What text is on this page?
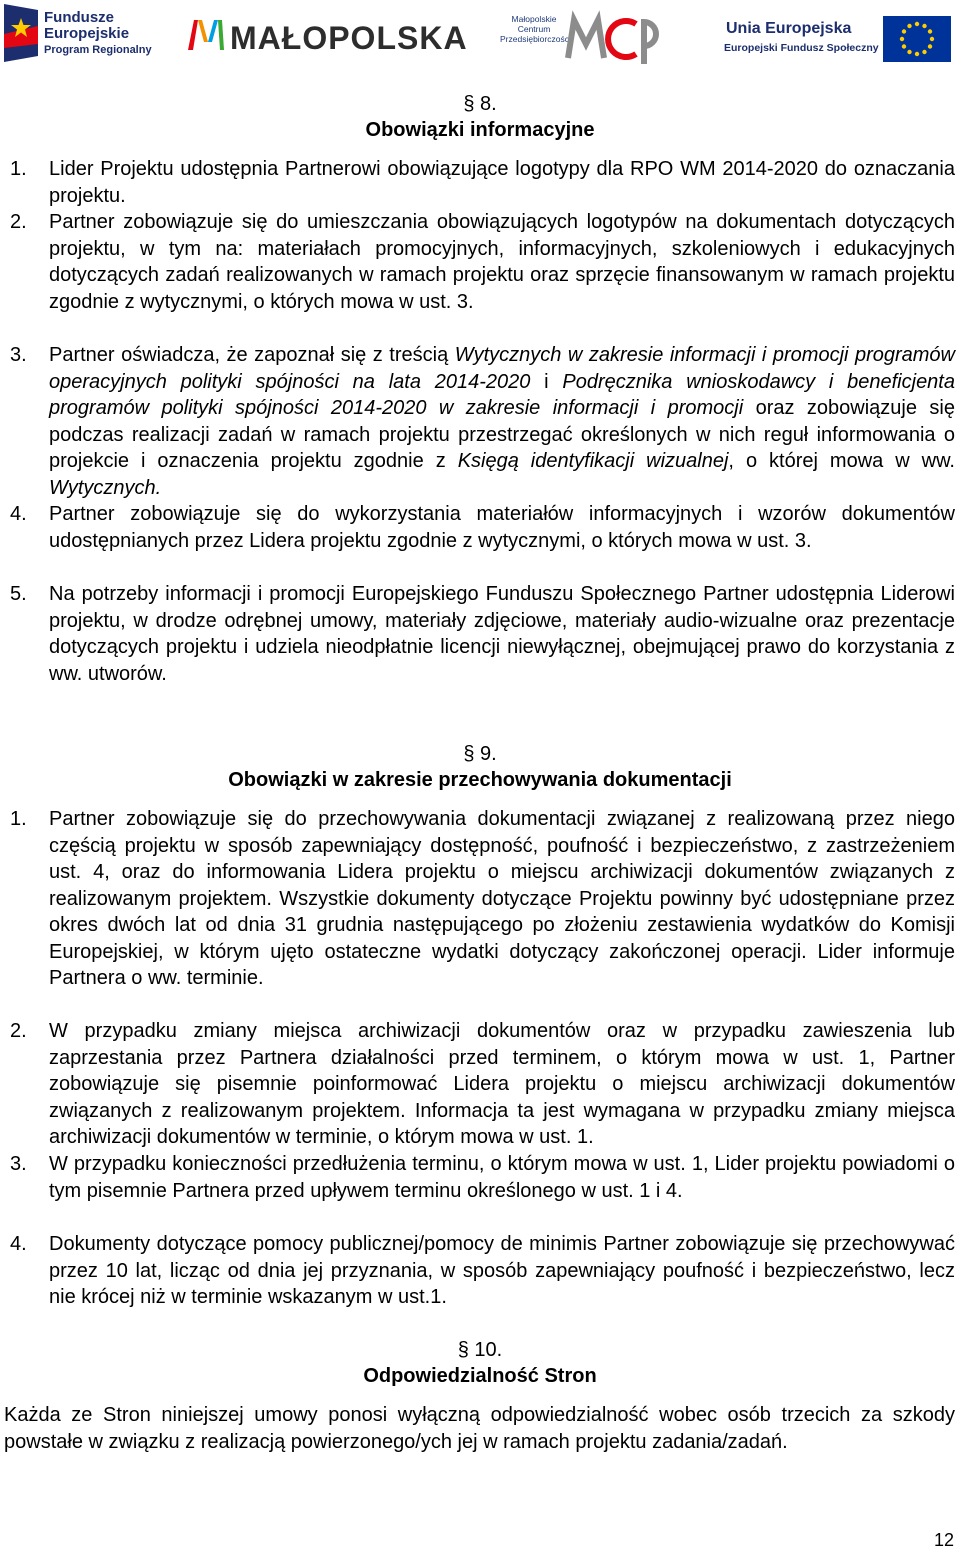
Fundusze
Europejskie
Program Regionalny MAŁOPOLSKA
Małopolskie Centrum Przedsiębiorczości
Unia Europejska
Europejski Fundusz Społeczny
§ 8.
Obowiązki informacyjne
1. Lider Projektu udostępnia Partnerowi obowiązujące logotypy dla RPO WM 2014-2020 do oznaczania projektu.
2. Partner zobowiązuje się do umieszczania obowiązujących logotypów na dokumentach dotyczących projektu, w tym na: materiałach promocyjnych, informacyjnych, szkoleniowych i edukacyjnych dotyczących zadań realizowanych w ramach projektu oraz sprzęcie finansowanym w ramach projektu zgodnie z wytycznymi, o których mowa w ust. 3.
3. Partner oświadcza, że zapoznał się z treścią Wytycznych w zakresie informacji i promocji programów operacyjnych polityki spójności na lata 2014-2020 i Podręcznika wnioskodawcy i beneficjenta programów polityki spójności 2014-2020 w zakresie informacji i promocji oraz zobowiązuje się podczas realizacji zadań w ramach projektu przestrzegać określonych w nich reguł informowania o projekcie i oznaczenia projektu zgodnie z Księgą identyfikacji wizualnej, o której mowa w ww. Wytycznych.
4. Partner zobowiązuje się do wykorzystania materiałów informacyjnych i wzorów dokumentów udostępnianych przez Lidera projektu zgodnie z wytycznymi, o których mowa w ust. 3.
5. Na potrzeby informacji i promocji Europejskiego Funduszu Społecznego Partner udostępnia Liderowi projektu, w drodze odrębnej umowy, materiały zdjęciowe, materiały audio-wizualne oraz prezentacje dotyczących projektu i udziela nieodpłatnie licencji niewyłącznej, obejmującej prawo do korzystania z ww. utworów.
§ 9.
Obowiązki w zakresie przechowywania dokumentacji
1. Partner zobowiązuje się do przechowywania dokumentacji związanej z realizowaną przez niego częścią projektu w sposób zapewniający dostępność, poufność i bezpieczeństwo, z zastrzeżeniem ust. 4, oraz do informowania Lidera projektu o miejscu archiwizacji dokumentów związanych z realizowanym projektem. Wszystkie dokumenty dotyczące Projektu powinny być udostępniane przez okres dwóch lat od dnia 31 grudnia następującego po złożeniu zestawienia wydatków do Komisji Europejskiej, w którym ujęto ostateczne wydatki dotyczący zakończonej operacji. Lider informuje Partnera o ww. terminie.
2. W przypadku zmiany miejsca archiwizacji dokumentów oraz w przypadku zawieszenia lub zaprzestania przez Partnera działalności przed terminem, o którym mowa w ust. 1, Partner zobowiązuje się pisemnie poinformować Lidera projektu o miejscu archiwizacji dokumentów związanych z realizowanym projektem. Informacja ta jest wymagana w przypadku zmiany miejsca archiwizacji dokumentów w terminie, o którym mowa w ust. 1.
3. W przypadku konieczności przedłużenia terminu, o którym mowa w ust. 1, Lider projektu powiadomi o tym pisemnie Partnera przed upływem terminu określonego w ust. 1 i 4.
4. Dokumenty dotyczące pomocy publicznej/pomocy de minimis Partner zobowiązuje się przechowywać przez 10 lat, licząc od dnia jej przyznania, w sposób zapewniający poufność i bezpieczeństwo, lecz nie krócej niż w terminie wskazanym w ust.1.
§ 10.
Odpowiedzialność Stron
Każda ze Stron niniejszej umowy ponosi wyłączną odpowiedzialność wobec osób trzecich za szkody powstałe w związku z realizacją powierzonego/ych jej w ramach projektu zadania/zadań.
12
